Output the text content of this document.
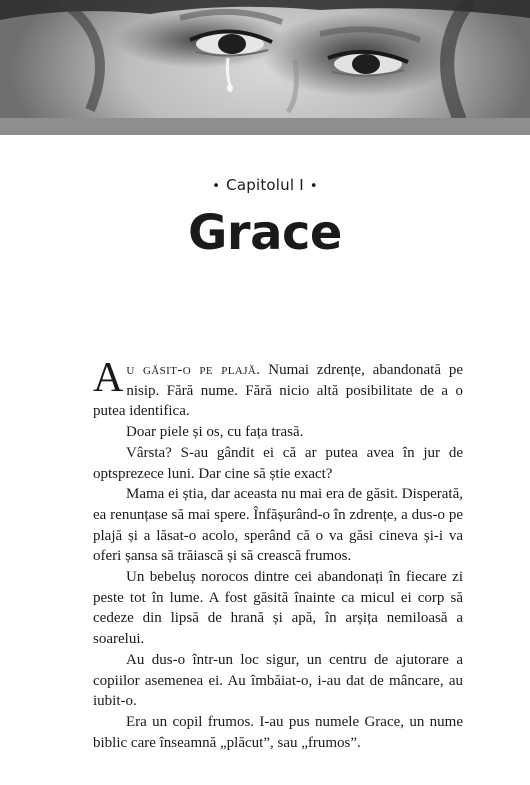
• Capitolul I •
Grace

Au găsit-o pe plajă. Numai zdrențe, abandonată pe nisip. Fără nume. Fără nicio altă posibilitate de a o putea identifica.

Doar piele și os, cu fața trasă.

Vârsta? S-au gândit ei că ar putea avea în jur de optsprezece luni. Dar cine să știe exact?

Mama ei știa, dar aceasta nu mai era de găsit. Disperată, ea renunțase să mai spere. Înfășurând-o în zdrențe, a dus-o pe plajă și a lăsat-o acolo, sperând că o va găsi cineva și-i va oferi șansa să trăiască și să crească frumos.

Un bebeluș norocos dintre cei abandonați în fiecare zi peste tot în lume. A fost găsită înainte ca micul ei corp să cedeze din lipsă de hrană și apă, în arșița nemiloasă a soarelui.

Au dus-o într-un loc sigur, un centru de ajutorare a copiilor asemenea ei. Au îmbăiat-o, i-au dat de mâncare, au iubit-o.

Era un copil frumos. I-au pus numele Grace, un nume biblic care înseamnă „plăcut”, sau „frumos”.
